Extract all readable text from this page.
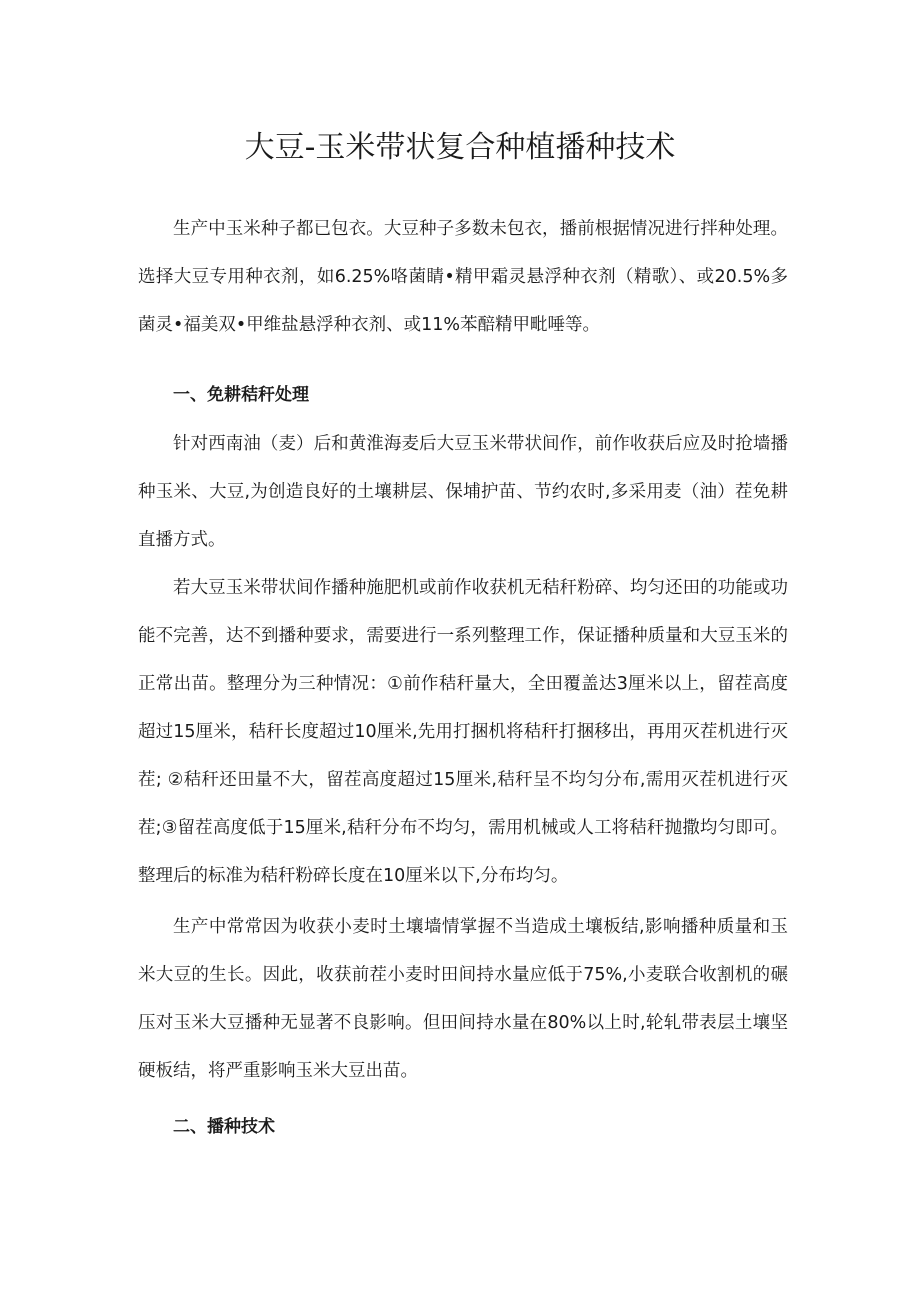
大豆-玉米带状复合种植播种技术

生产中玉米种子都已包衣。大豆种子多数未包衣，播前根据情况进行拌种处理。选择大豆专用种衣剂，如6.25%咯菌睛•精甲霜灵悬浮种衣剂（精歌）、或20.5%多菌灵•福美双•甲维盐悬浮种衣剂、或11%苯醅精甲毗唾等。

一、免耕秸秆处理

针对西南油（麦）后和黄淮海麦后大豆玉米带状间作，前作收获后应及时抢墙播种玉米、大豆,为创造良好的土壤耕层、保埔护苗、节约农时,多采用麦（油）茬免耕直播方式。

若大豆玉米带状间作播种施肥机或前作收获机无秸秆粉碎、均匀还田的功能或功能不完善，达不到播种要求，需要进行一系列整理工作，保证播种质量和大豆玉米的正常出苗。整理分为三种情况：①前作秸秆量大，全田覆盖达3厘米以上，留茬高度超过15厘米，秸秆长度超过10厘米,先用打捆机将秸秆打捆移出，再用灭茬机进行灭茬; ②秸秆还田量不大，留茬高度超过15厘米,秸秆呈不均匀分布,需用灭茬机进行灭茬;③留茬高度低于15厘米,秸秆分布不均匀，需用机械或人工将秸秆抛撒均匀即可。整理后的标准为秸秆粉碎长度在10厘米以下,分布均匀。

生产中常常因为收获小麦时土壤墙情掌握不当造成土壤板结,影响播种质量和玉米大豆的生长。因此，收获前茬小麦时田间持水量应低于75%,小麦联合收割机的碾压对玉米大豆播种无显著不良影响。但田间持水量在80%以上时,轮轧带表层土壤坚硬板结，将严重影响玉米大豆出苗。

二、播种技术
